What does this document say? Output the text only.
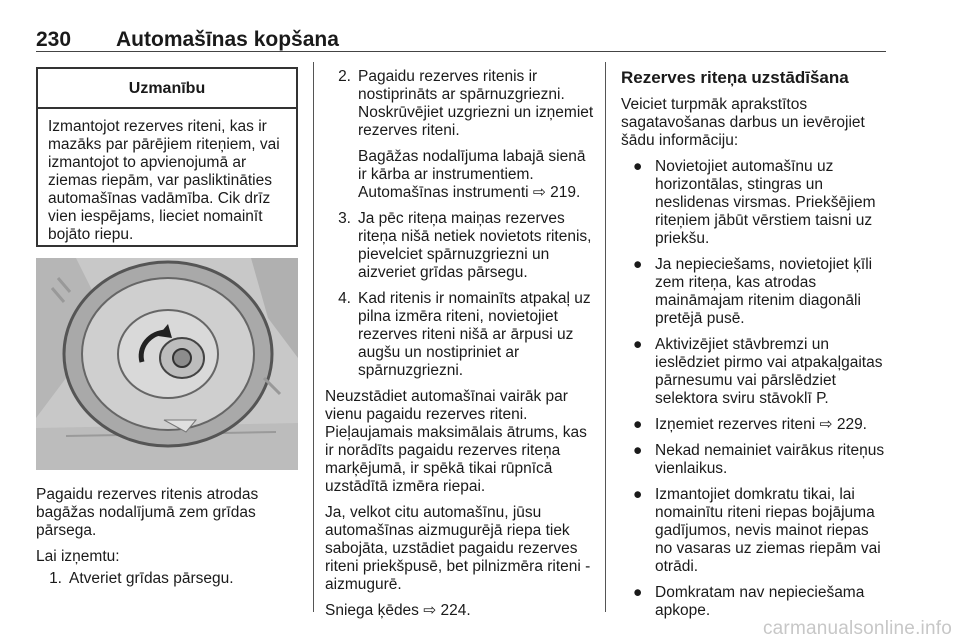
230 Automašīnas kopšana
Uzmanību
Izmantojot rezerves riteni, kas ir mazāks par pārējiem riteņiem, vai izmantojot to apvienojumā ar ziemas riepām, var pasliktināties automašīnas vadāmība. Cik drīz vien iespējams, lieciet nomainīt bojāto riepu.

Pagaidu rezerves ritenis atrodas bagāžas nodalījumā zem grīdas pārsega.

Lai izņemtu:

1. Atveriet grīdas pārsegu.
2. Pagaidu rezerves ritenis ir nostiprināts ar spārnuzgriezni. Noskrūvējiet uzgriezni un izņemiet rezerves riteni.
Bagāžas nodalījuma labajā sienā ir kārba ar instrumentiem. Automašīnas instrumenti ⇨ 219.
3. Ja pēc riteņa maiņas rezerves riteņa nišā netiek novietots ritenis, pievelciet spārnuzgriezni un aizveriet grīdas pārsegu.
4. Kad ritenis ir nomainīts atpakaļ uz pilna izmēra riteni, novietojiet rezerves riteni nišā ar ārpusi uz augšu un nostipriniet ar spārnuzgriezni.

Neuzstādiet automašīnai vairāk par vienu pagaidu rezerves riteni. Pieļaujamais maksimālais ātrums, kas ir norādīts pagaidu rezerves riteņa marķējumā, ir spēkā tikai rūpnīcā uzstādītā izmēra riepai.

Ja, velkot citu automašīnu, jūsu automašīnas aizmugurējā riepa tiek sabojāta, uzstādiet pagaidu rezerves riteni priekšpusē, bet pilnizmēra riteni - aizmugurē.

Sniega ķēdes ⇨ 224.

Rezerves riteņa uzstādīšana

Veiciet turpmāk aprakstītos sagatavošanas darbus un ievērojiet šādu informāciju:

● Novietojiet automašīnu uz horizontālas, stingras un neslidenas virsmas. Priekšējiem riteņiem jābūt vērstiem taisni uz priekšu.
● Ja nepieciešams, novietojiet ķīli zem riteņa, kas atrodas maināmajam ritenim diagonāli pretējā pusē.
● Aktivizējiet stāvbremzi un ieslēdziet pirmo vai atpakaļgaitas pārnesumu vai pārslēdziet selektora sviru stāvoklī P.
● Izņemiet rezerves riteni ⇨ 229.
● Nekad nemainiet vairākus riteņus vienlaikus.
● Izmantojiet domkratu tikai, lai nomainītu riteni riepas bojājuma gadījumos, nevis mainot riepas no vasaras uz ziemas riepām vai otrādi.
● Domkratam nav nepieciešama apkope.
carmanualsonline.info
